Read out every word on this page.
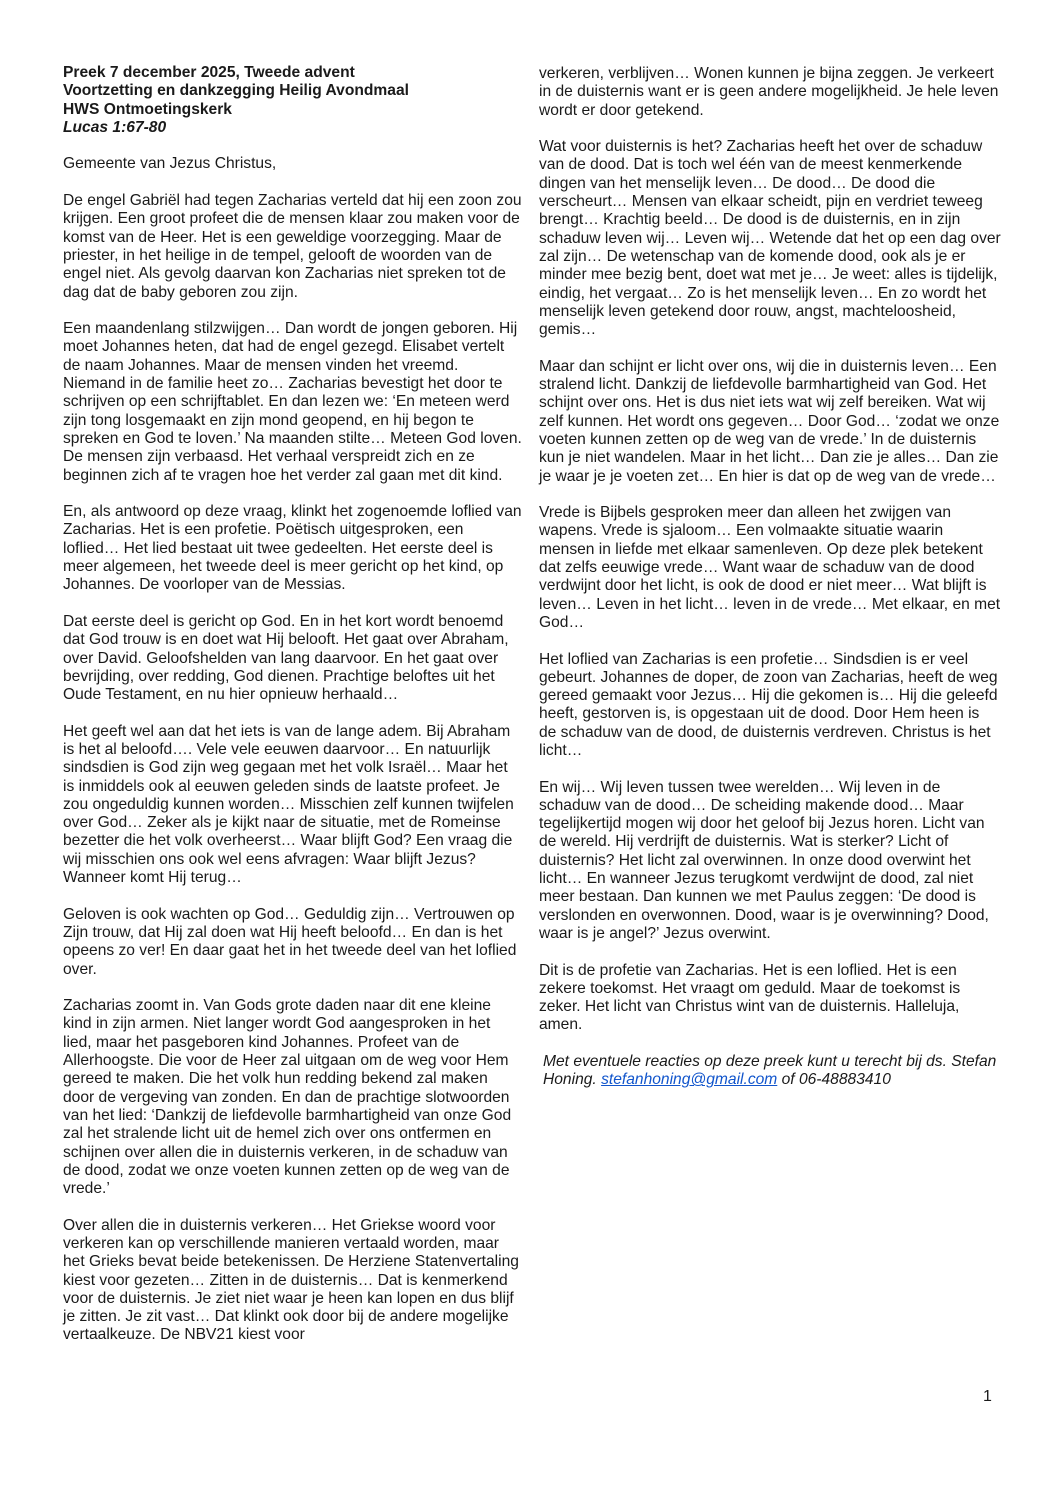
Preek 7 december 2025, Tweede advent

Voortzetting en dankzegging Heilig Avondmaal

HWS Ontmoetingskerk

Lucas 1:67-80

Gemeente van Jezus Christus,

De engel Gabriël had tegen Zacharias verteld dat hij een zoon zou krijgen. Een groot profeet die de mensen klaar zou maken voor de komst van de Heer. Het is een geweldige voorzegging. Maar de priester, in het heilige in de tempel, gelooft de woorden van de engel niet. Als gevolg daarvan kon Zacharias niet spreken tot de dag dat de baby geboren zou zijn.

Een maandenlang stilzwijgen… Dan wordt de jongen geboren. Hij moet Johannes heten, dat had de engel gezegd. Elisabet vertelt de naam Johannes. Maar de mensen vinden het vreemd. Niemand in de familie heet zo… Zacharias bevestigt het door te schrijven op een schrijftablet. En dan lezen we: ‘En meteen werd zijn tong losgemaakt en zijn mond geopend, en hij begon te spreken en God te loven.’ Na maanden stilte… Meteen God loven. De mensen zijn verbaasd. Het verhaal verspreidt zich en ze beginnen zich af te vragen hoe het verder zal gaan met dit kind.

En, als antwoord op deze vraag, klinkt het zogenoemde loflied van Zacharias. Het is een profetie. Poëtisch uitgesproken, een loflied… Het lied bestaat uit twee gedeelten. Het eerste deel is meer algemeen, het tweede deel is meer gericht op het kind, op Johannes. De voorloper van de Messias.

Dat eerste deel is gericht op God. En in het kort wordt benoemd dat God trouw is en doet wat Hij belooft. Het gaat over Abraham, over David. Geloofshelden van lang daarvoor. En het gaat over bevrijding, over redding, God dienen. Prachtige beloftes uit het Oude Testament, en nu hier opnieuw herhaald…

Het geeft wel aan dat het iets is van de lange adem. Bij Abraham is het al beloofd…. Vele vele eeuwen daarvoor… En natuurlijk sindsdien is God zijn weg gegaan met het volk Israël… Maar het is inmiddels ook al eeuwen geleden sinds de laatste profeet. Je zou ongeduldig kunnen worden… Misschien zelf kunnen twijfelen over God… Zeker als je kijkt naar de situatie, met de Romeinse bezetter die het volk overheerst… Waar blijft God? Een vraag die wij misschien ons ook wel eens afvragen: Waar blijft Jezus? Wanneer komt Hij terug…

Geloven is ook wachten op God… Geduldig zijn… Vertrouwen op Zijn trouw, dat Hij zal doen wat Hij heeft beloofd… En dan is het opeens zo ver! En daar gaat het in het tweede deel van het loflied over.

Zacharias zoomt in. Van Gods grote daden naar dit ene kleine kind in zijn armen. Niet langer wordt God aangesproken in het lied, maar het pasgeboren kind Johannes. Profeet van de Allerhoogste. Die voor de Heer zal uitgaan om de weg voor Hem gereed te maken. Die het volk hun redding bekend zal maken door de vergeving van zonden. En dan de prachtige slotwoorden van het lied: ‘Dankzij de liefdevolle barmhartigheid van onze God zal het stralende licht uit de hemel zich over ons ontfermen en schijnen over allen die in duisternis verkeren, in de schaduw van de dood, zodat we onze voeten kunnen zetten op de weg van de vrede.’

Over allen die in duisternis verkeren… Het Griekse woord voor verkeren kan op verschillende manieren vertaald worden, maar het Grieks bevat beide betekenissen. De Herziene Statenvertaling kiest voor gezeten… Zitten in de duisternis… Dat is kenmerkend voor de duisternis. Je ziet niet waar je heen kan lopen en dus blijf je zitten. Je zit vast… Dat klinkt ook door bij de andere mogelijke vertaalkeuze. De NBV21 kiest voor

verkeren, verblijven… Wonen kunnen je bijna zeggen. Je verkeert in de duisternis want er is geen andere mogelijkheid. Je hele leven wordt er door getekend.

Wat voor duisternis is het? Zacharias heeft het over de schaduw van de dood. Dat is toch wel één van de meest kenmerkende dingen van het menselijk leven… De dood… De dood die verscheurt… Mensen van elkaar scheidt, pijn en verdriet teweeg brengt… Krachtig beeld… De dood is de duisternis, en in zijn schaduw leven wij… Leven wij… Wetende dat het op een dag over zal zijn… De wetenschap van de komende dood, ook als je er minder mee bezig bent, doet wat met je… Je weet: alles is tijdelijk, eindig, het vergaat… Zo is het menselijk leven… En zo wordt het menselijk leven getekend door rouw, angst, machteloosheid, gemis…

Maar dan schijnt er licht over ons, wij die in duisternis leven… Een stralend licht. Dankzij de liefdevolle barmhartigheid van God. Het schijnt over ons. Het is dus niet iets wat wij zelf bereiken. Wat wij zelf kunnen. Het wordt ons gegeven… Door God… ‘zodat we onze voeten kunnen zetten op de weg van de vrede.’ In de duisternis kun je niet wandelen. Maar in het licht… Dan zie je alles… Dan zie je waar je je voeten zet… En hier is dat op de weg van de vrede…

Vrede is Bijbels gesproken meer dan alleen het zwijgen van wapens. Vrede is sjaloom… Een volmaakte situatie waarin mensen in liefde met elkaar samenleven. Op deze plek betekent dat zelfs eeuwige vrede… Want waar de schaduw van de dood verdwijnt door het licht, is ook de dood er niet meer… Wat blijft is leven… Leven in het licht… leven in de vrede… Met elkaar, en met God…

Het loflied van Zacharias is een profetie… Sindsdien is er veel gebeurt. Johannes de doper, de zoon van Zacharias, heeft de weg gereed gemaakt voor Jezus… Hij die gekomen is… Hij die geleefd heeft, gestorven is, is opgestaan uit de dood. Door Hem heen is de schaduw van de dood, de duisternis verdreven. Christus is het licht…

En wij… Wij leven tussen twee werelden… Wij leven in de schaduw van de dood… De scheiding makende dood… Maar tegelijkertijd mogen wij door het geloof bij Jezus horen. Licht van de wereld. Hij verdrijft de duisternis. Wat is sterker? Licht of duisternis? Het licht zal overwinnen. In onze dood overwint het licht… En wanneer Jezus terugkomt verdwijnt de dood, zal niet meer bestaan. Dan kunnen we met Paulus zeggen: ‘De dood is verslonden en overwonnen. Dood, waar is je overwinning? Dood, waar is je angel?’ Jezus overwint.

Dit is de profetie van Zacharias. Het is een loflied. Het is een zekere toekomst. Het vraagt om geduld. Maar de toekomst is zeker. Het licht van Christus wint van de duisternis. Halleluja, amen.

Met eventuele reacties op deze preek kunt u terecht bij ds. Stefan Honing. stefanhoning@gmail.com of 06-48883410

1
